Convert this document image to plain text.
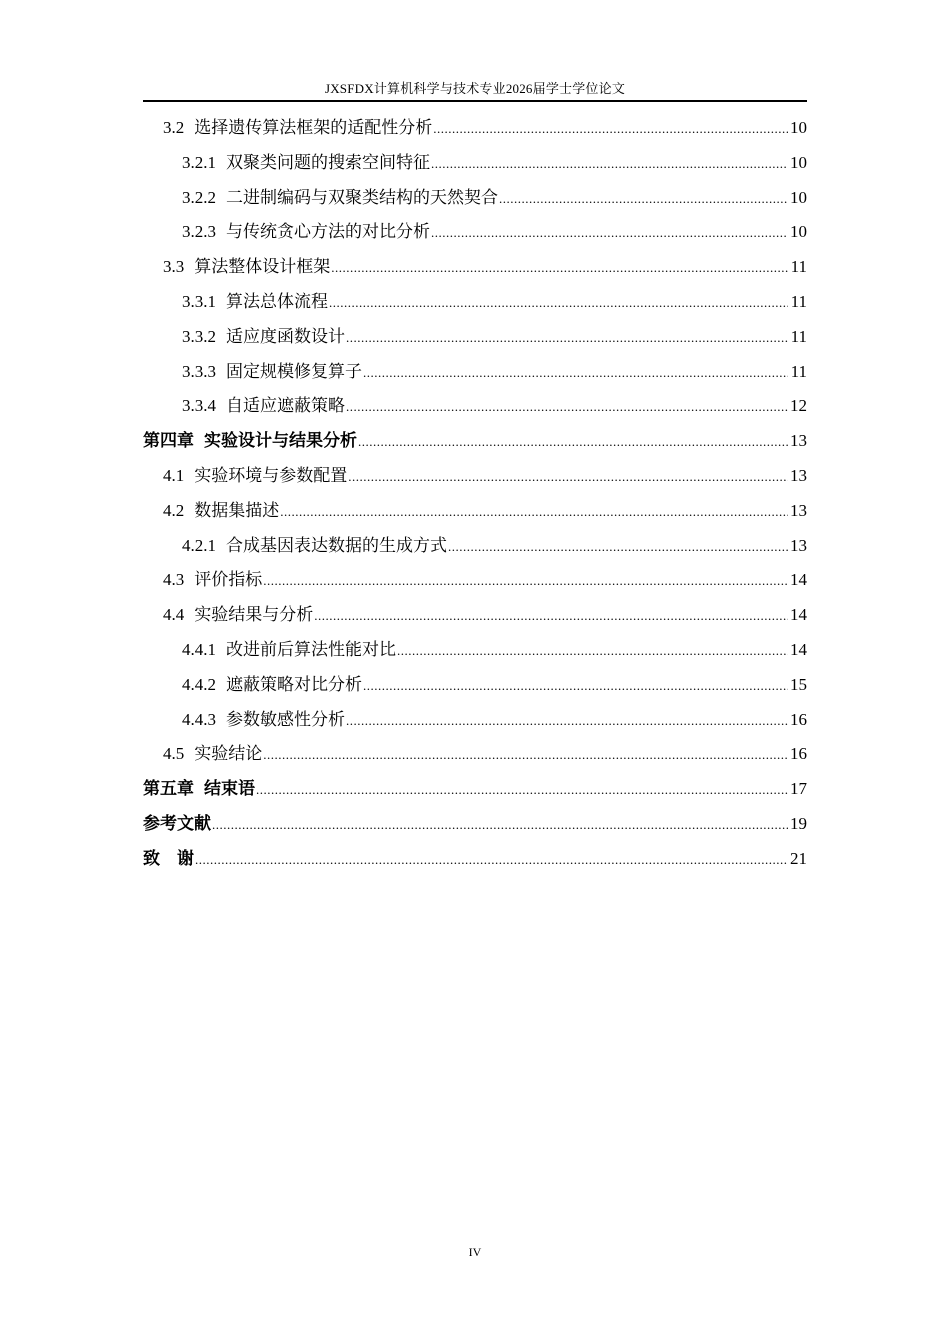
JXSFDX计算机科学与技术专业2026届学士学位论文
3.2 选择遗传算法框架的适配性分析 .....	10
3.2.1 双聚类问题的搜索空间特征 .....	10
3.2.2 二进制编码与双聚类结构的天然契合 .....	10
3.2.3 与传统贪心方法的对比分析 .....	10
3.3 算法整体设计框架 .....	11
3.3.1 算法总体流程 .....	11
3.3.2 适应度函数设计 .....	11
3.3.3 固定规模修复算子 .....	11
3.3.4 自适应遮蔽策略 .....	12
第四章 实验设计与结果分析 .....	13
4.1 实验环境与参数配置 .....	13
4.2 数据集描述 .....	13
4.2.1 合成基因表达数据的生成方式 .....	13
4.3 评价指标 .....	14
4.4 实验结果与分析 .....	14
4.4.1 改进前后算法性能对比 .....	14
4.4.2 遮蔽策略对比分析 .....	15
4.4.3 参数敏感性分析 .....	16
4.5 实验结论 .....	16
第五章 结束语 .....	17
参考文献 .....	19
致　谢 .....	21
IV
